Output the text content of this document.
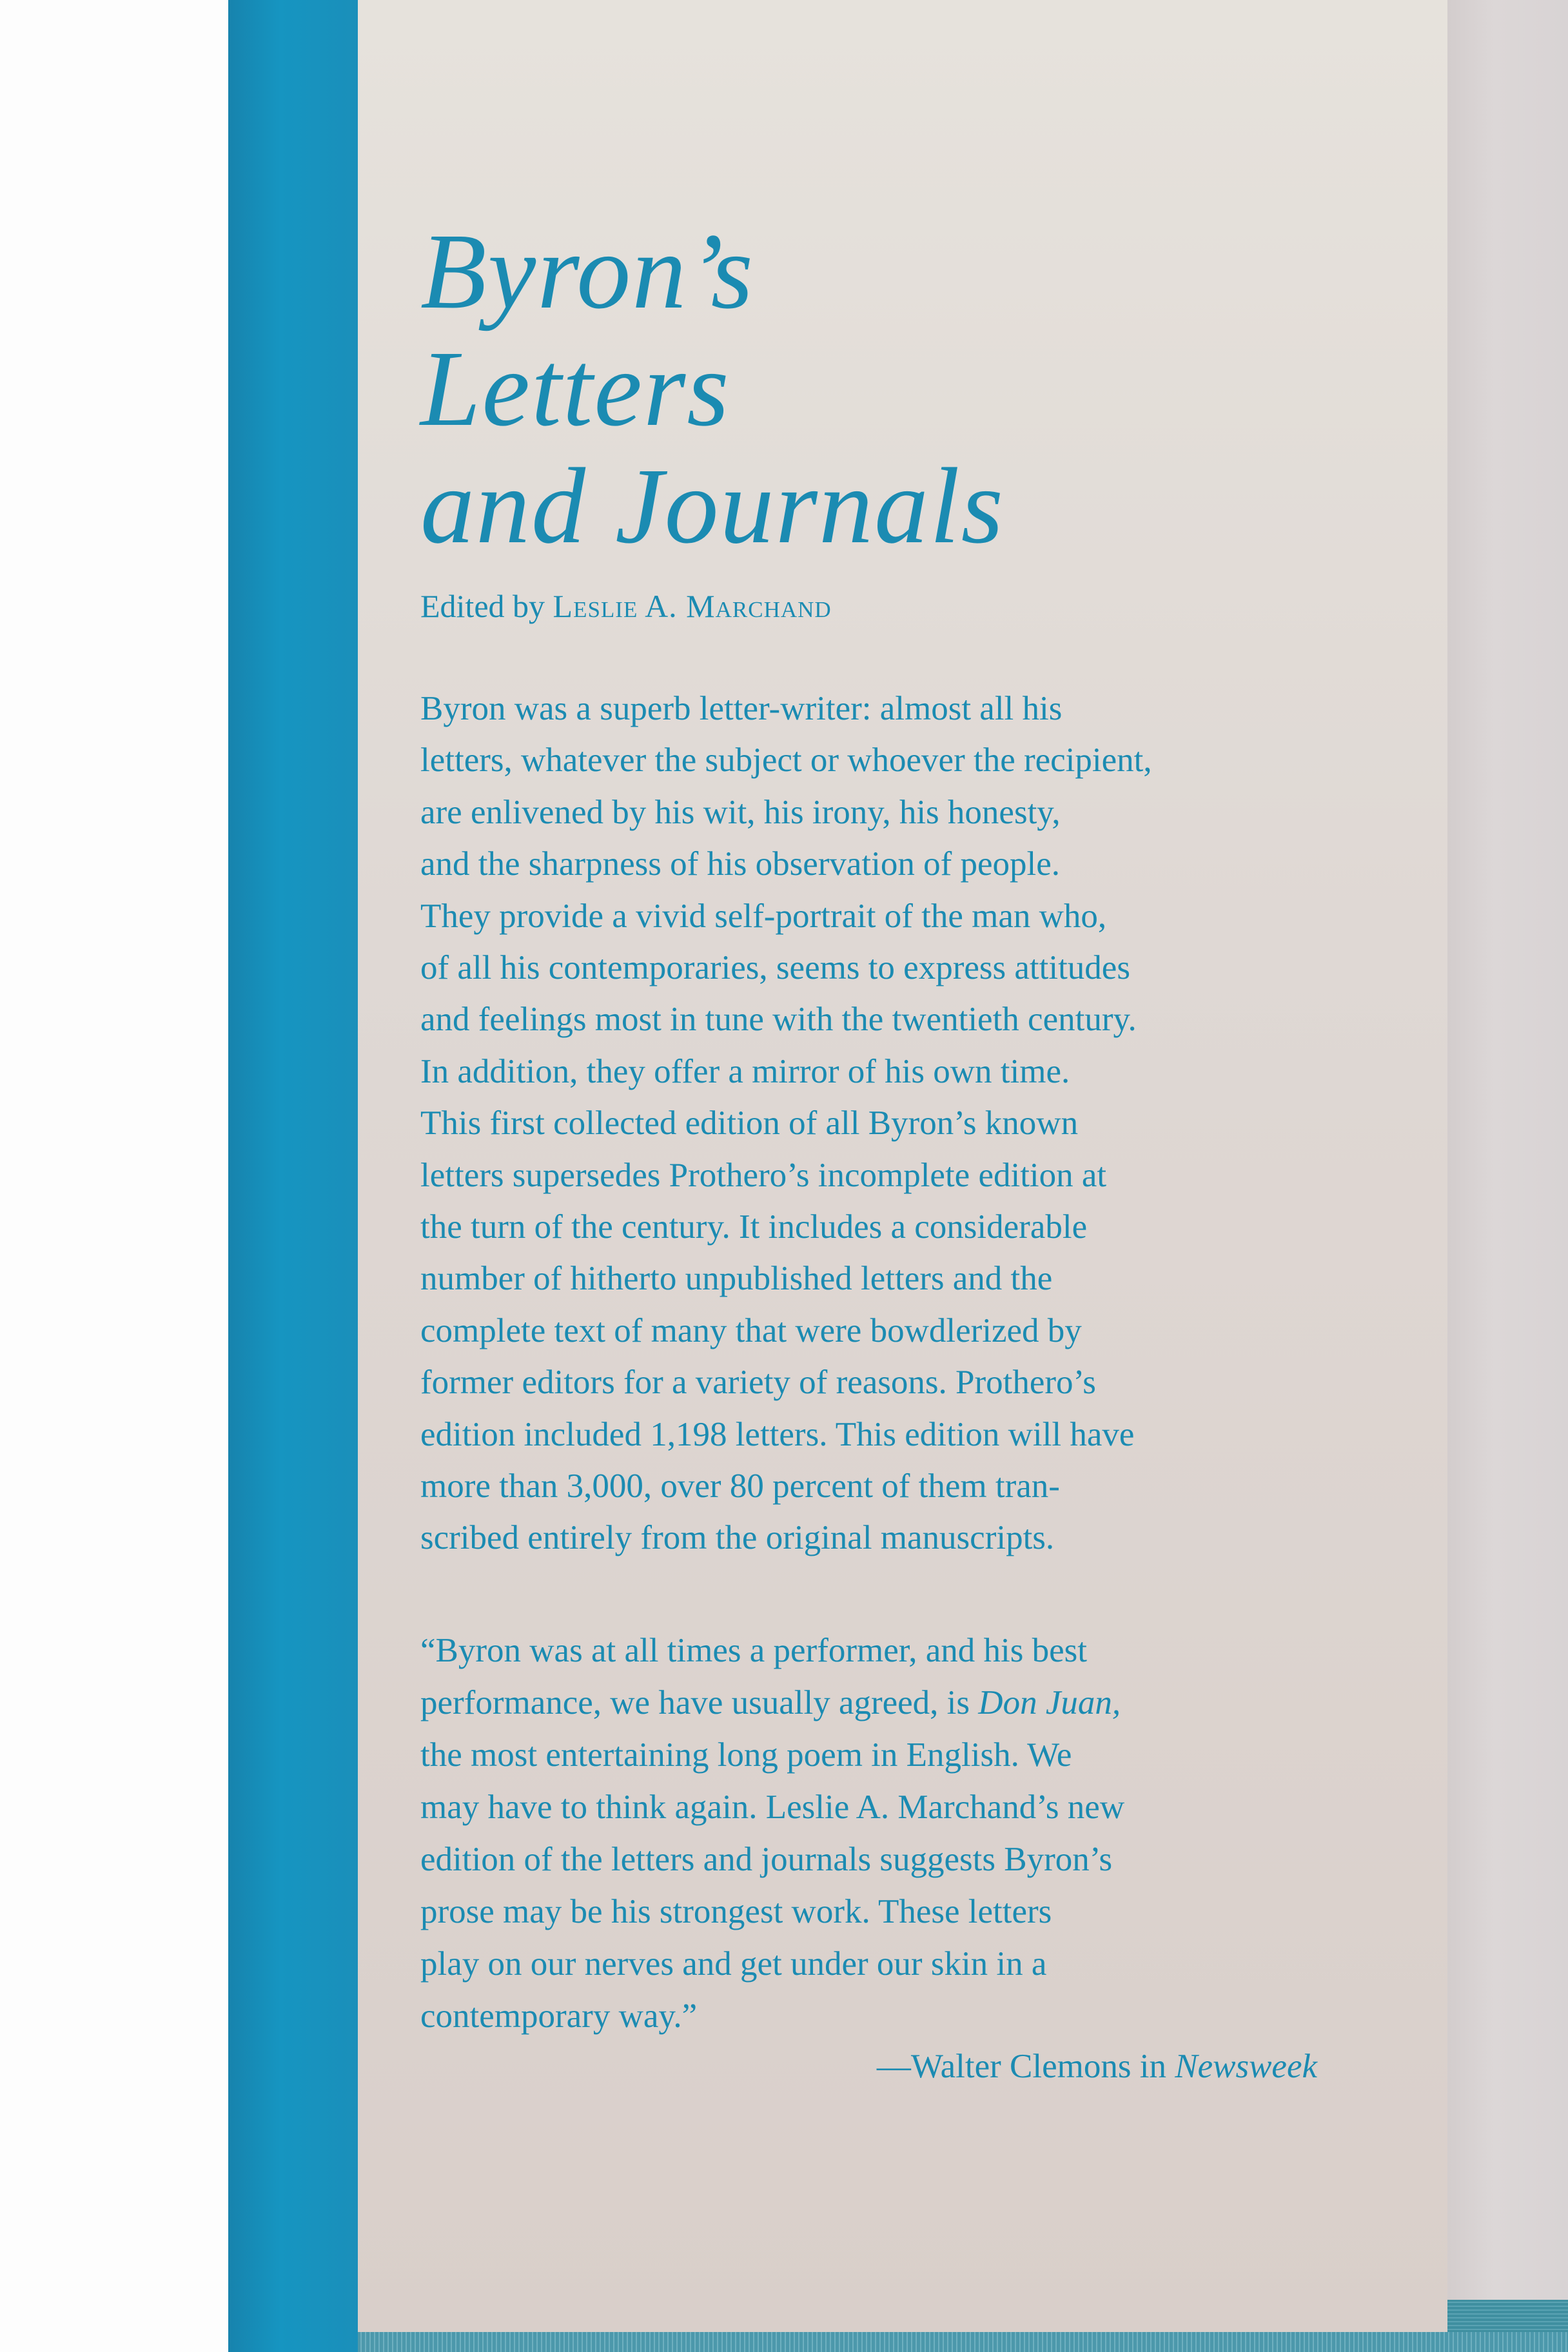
Byron’s
Letters
and Journals
Edited by Leslie A. Marchand
Byron was a superb letter-writer: almost all his
letters, whatever the subject or whoever the recipient,
are enlivened by his wit, his irony, his honesty,
and the sharpness of his observation of people.
They provide a vivid self-portrait of the man who,
of all his contemporaries, seems to express attitudes
and feelings most in tune with the twentieth century.
In addition, they offer a mirror of his own time.
This first collected edition of all Byron’s known
letters supersedes Prothero’s incomplete edition at
the turn of the century. It includes a considerable
number of hitherto unpublished letters and the
complete text of many that were bowdlerized by
former editors for a variety of reasons. Prothero’s
edition included 1,198 letters. This edition will have
more than 3,000, over 80 percent of them tran-
scribed entirely from the original manuscripts.
“Byron was at all times a performer, and his best
performance, we have usually agreed, is Don Juan,
the most entertaining long poem in English. We
may have to think again. Leslie A. Marchand’s new
edition of the letters and journals suggests Byron’s
prose may be his strongest work. These letters
play on our nerves and get under our skin in a
contemporary way.”
—Walter Clemons in Newsweek
